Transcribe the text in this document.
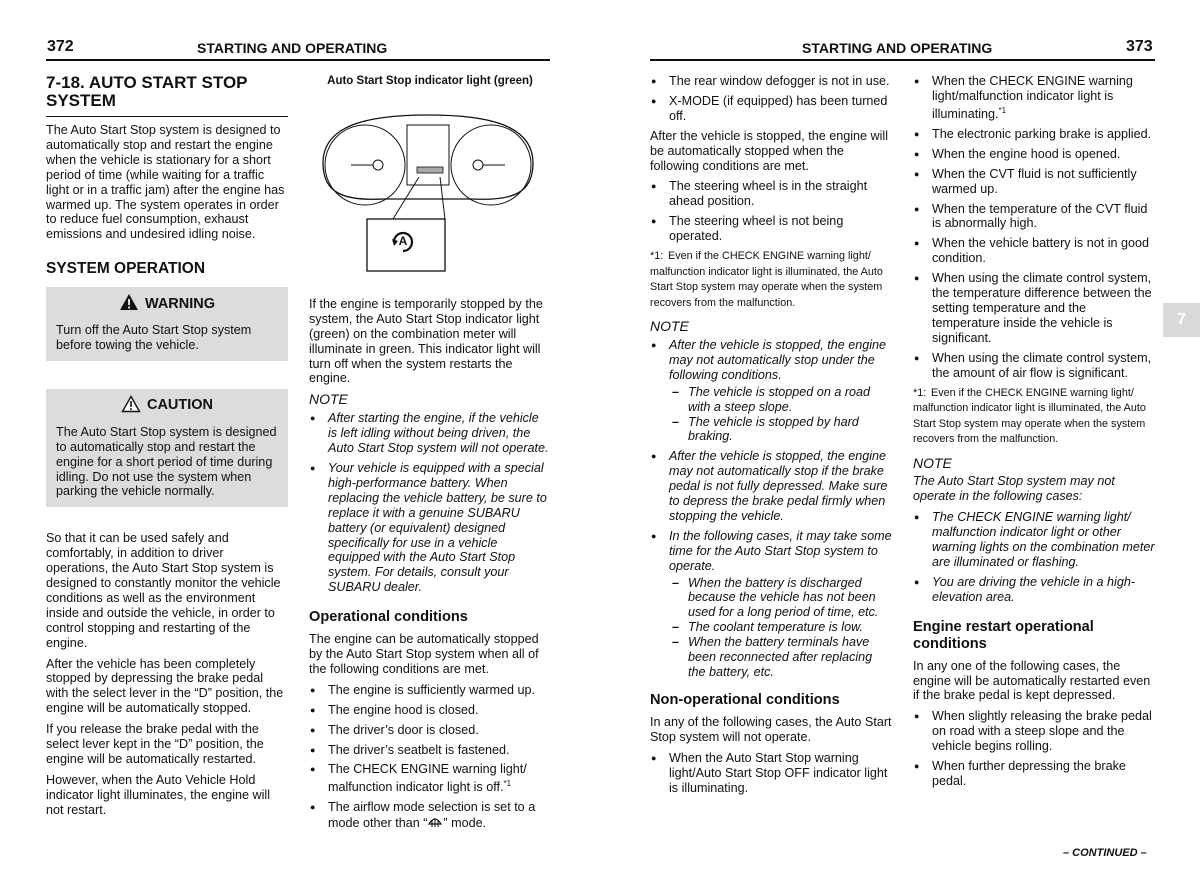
372	STARTING AND OPERATING	STARTING AND OPERATING	373
7-18. AUTO START STOP SYSTEM

The Auto Start Stop system is designed to automatically stop and restart the engine when the vehicle is stationary for a short period of time (while waiting for a traffic light or in a traffic jam) after the engine has warmed up. The system operates in order to reduce fuel consumption, exhaust emissions and undesired idling noise.

SYSTEM OPERATION
WARNING
Turn off the Auto Start Stop system before towing the vehicle.
CAUTION
The Auto Start Stop system is designed to automatically stop and restart the engine for a short period of time during idling. Do not use the system when parking the vehicle normally.

So that it can be used safely and comfortably, in addition to driver operations, the Auto Start Stop system is designed to constantly monitor the vehicle conditions as well as the environment inside and outside the vehicle, in order to control stopping and restarting of the engine.

After the vehicle has been completely stopped by depressing the brake pedal with the select lever in the “D” position, the engine will be automatically stopped.

If you release the brake pedal with the select lever kept in the “D” position, the engine will be automatically restarted.

However, when the Auto Vehicle Hold indicator light illuminates, the engine will not restart.

Auto Start Stop indicator light (green)
A

If the engine is temporarily stopped by the system, the Auto Start Stop indicator light (green) on the combination meter will illuminate in green. This indicator light will turn off when the system restarts the engine.

NOTE
● After starting the engine, if the vehicle is left idling without being driven, the Auto Start Stop system will not operate.
● Your vehicle is equipped with a special high-performance battery. When replacing the vehicle battery, be sure to replace it with a genuine SUBARU battery (or equivalent) designed specifically for use in a vehicle equipped with the Auto Start Stop system. For details, consult your SUBARU dealer.
Operational conditions

The engine can be automatically stopped by the Auto Start Stop system when all of the following conditions are met.

● The engine is sufficiently warmed up.
● The engine hood is closed.
● The driver’s door is closed.
● The driver’s seatbelt is fastened.
● The CHECK ENGINE warning light/ malfunction indicator light is off.$^{*1}$
● The airflow mode selection is set to a mode other than “ ” mode.
● The rear window defogger is not in use.
● X-MODE (if equipped) has been turned off.

After the vehicle is stopped, the engine will be automatically stopped when the following conditions are met.

● The steering wheel is in the straight ahead position.
● The steering wheel is not being operated.
*1: Even if the CHECK ENGINE warning light/ malfunction indicator light is illuminated, the Auto Start Stop system may operate when the system recovers from the malfunction.
NOTE
● After the vehicle is stopped, the engine may not automatically stop under the following conditions.
– The vehicle is stopped on a road with a steep slope.
– The vehicle is stopped by hard braking.
● After the vehicle is stopped, the engine may not automatically stop if the brake pedal is not fully depressed. Make sure to depress the brake pedal firmly when stopping the vehicle.
● In the following cases, it may take some time for the Auto Start Stop system to operate.
– When the battery is discharged because the vehicle has not been used for a long period of time, etc.
– The coolant temperature is low.
– When the battery terminals have been reconnected after replacing the battery, etc.
Non-operational conditions

In any of the following cases, the Auto Start Stop system will not operate.

● When the Auto Start Stop warning light/Auto Start Stop OFF indicator light is illuminating.
● When the CHECK ENGINE warning light/malfunction indicator light is illuminating.$^{*1}$
● The electronic parking brake is applied.
● When the engine hood is opened.
● When the CVT fluid is not sufficiently warmed up.
● When the temperature of the CVT fluid is abnormally high.
● When the vehicle battery is not in good condition.
● When using the climate control system, the temperature difference between the setting temperature and the temperature inside the vehicle is significant.
● When using the climate control system, the amount of air flow is significant.
*1: Even if the CHECK ENGINE warning light/ malfunction indicator light is illuminated, the Auto Start Stop system may operate when the system recovers from the malfunction.
NOTE

The Auto Start Stop system may not operate in the following cases:

● The CHECK ENGINE warning light/ malfunction indicator light or other warning lights on the combination meter are illuminated or flashing.
● You are driving the vehicle in a high-elevation area.
Engine restart operational conditions

In any one of the following cases, the engine will be automatically restarted even if the brake pedal is kept depressed.

● When slightly releasing the brake pedal on road with a steep slope and the vehicle begins rolling.
● When further depressing the brake pedal.
7
– CONTINUED –
